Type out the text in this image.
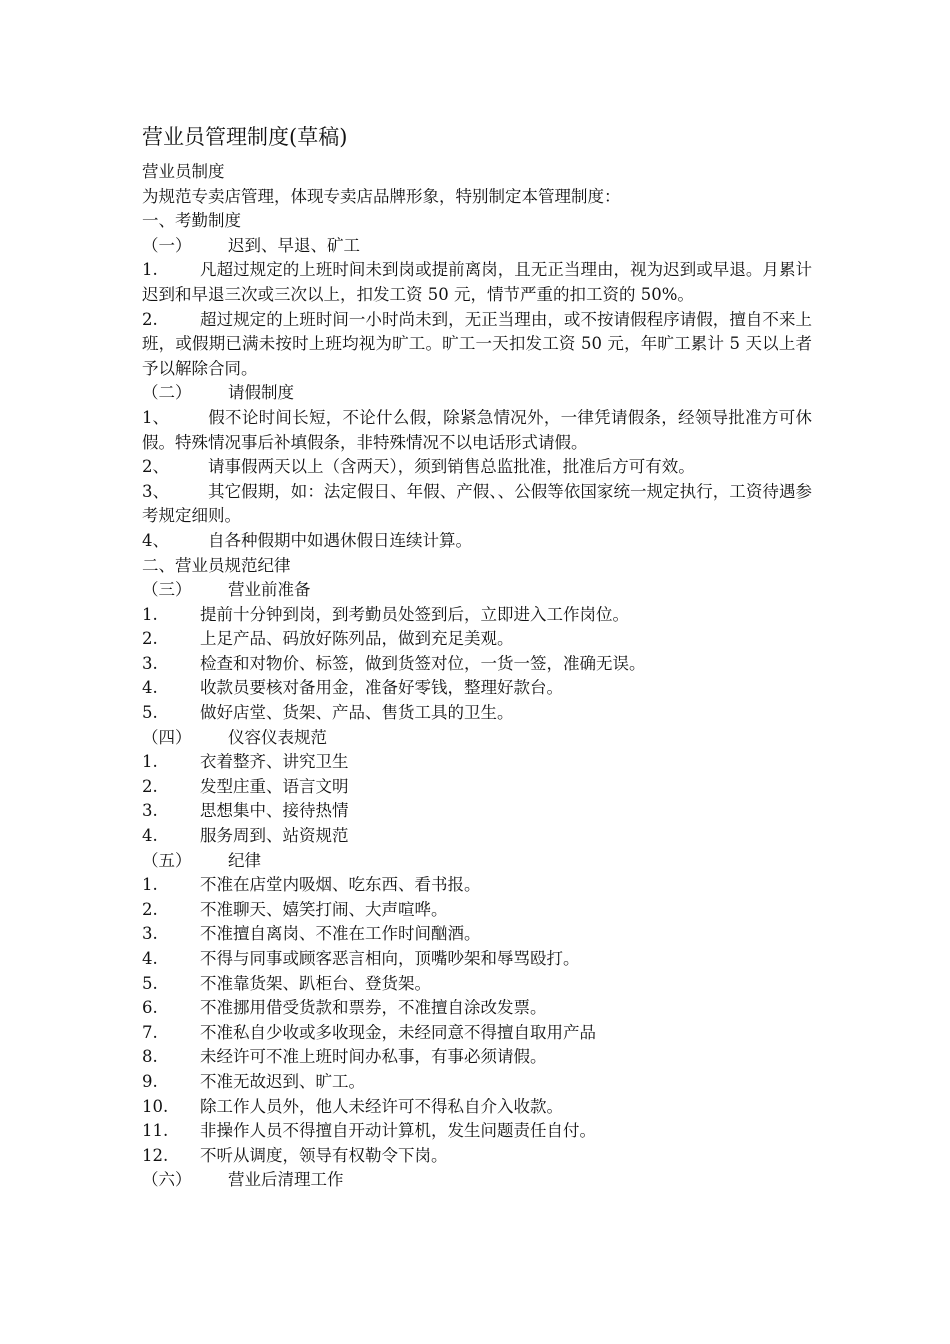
营业员管理制度(草稿)
营业员制度
为规范专卖店管理，体现专卖店品牌形象，特别制定本管理制度：
一、考勤制度
（一） 迟到、早退、矿工
1.	凡超过规定的上班时间未到岗或提前离岗，且无正当理由，视为迟到或早退。月累计迟到和早退三次或三次以上，扣发工资 50 元，情节严重的扣工资的 50%。
2.	超过规定的上班时间一小时尚未到，无正当理由，或不按请假程序请假，擅自不来上班，或假期已满未按时上班均视为旷工。旷工一天扣发工资 50 元，年旷工累计 5 天以上者予以解除合同。
（二） 请假制度
1、 假不论时间长短，不论什么假，除紧急情况外，一律凭请假条，经领导批准方可休假。特殊情况事后补填假条，非特殊情况不以电话形式请假。
2、 请事假两天以上（含两天），须到销售总监批准，批准后方可有效。
3、 其它假期，如：法定假日、年假、产假、、公假等依国家统一规定执行，工资待遇参考规定细则。
4、 自各种假期中如遇休假日连续计算。
二、营业员规范纪律
（三） 营业前准备
1.	提前十分钟到岗，到考勤员处签到后，立即进入工作岗位。
2.	上足产品、码放好陈列品，做到充足美观。
3.	检查和对物价、标签，做到货签对位，一货一签，准确无误。
4.	收款员要核对备用金，准备好零钱，整理好款台。
5.	做好店堂、货架、产品、售货工具的卫生。
（四） 仪容仪表规范
1.	衣着整齐、讲究卫生
2.	发型庄重、语言文明
3.	思想集中、接待热情
4.	服务周到、站资规范
（五） 纪律
1.	不准在店堂内吸烟、吃东西、看书报。
2.	不准聊天、嬉笑打闹、大声喧哗。
3.	不准擅自离岗、不准在工作时间酗酒。
4.	不得与同事或顾客恶言相向，顶嘴吵架和辱骂殴打。
5.	不准靠货架、趴柜台、登货架。
6.	不准挪用借受货款和票券，不准擅自涂改发票。
7.	不准私自少收或多收现金，未经同意不得擅自取用产品
8.	未经许可不准上班时间办私事，有事必须请假。
9.	不准无故迟到、旷工。
10. 除工作人员外，他人未经许可不得私自介入收款。
11. 非操作人员不得擅自开动计算机，发生问题责任自付。
12. 不听从调度，领导有权勒令下岗。
（六） 营业后清理工作
